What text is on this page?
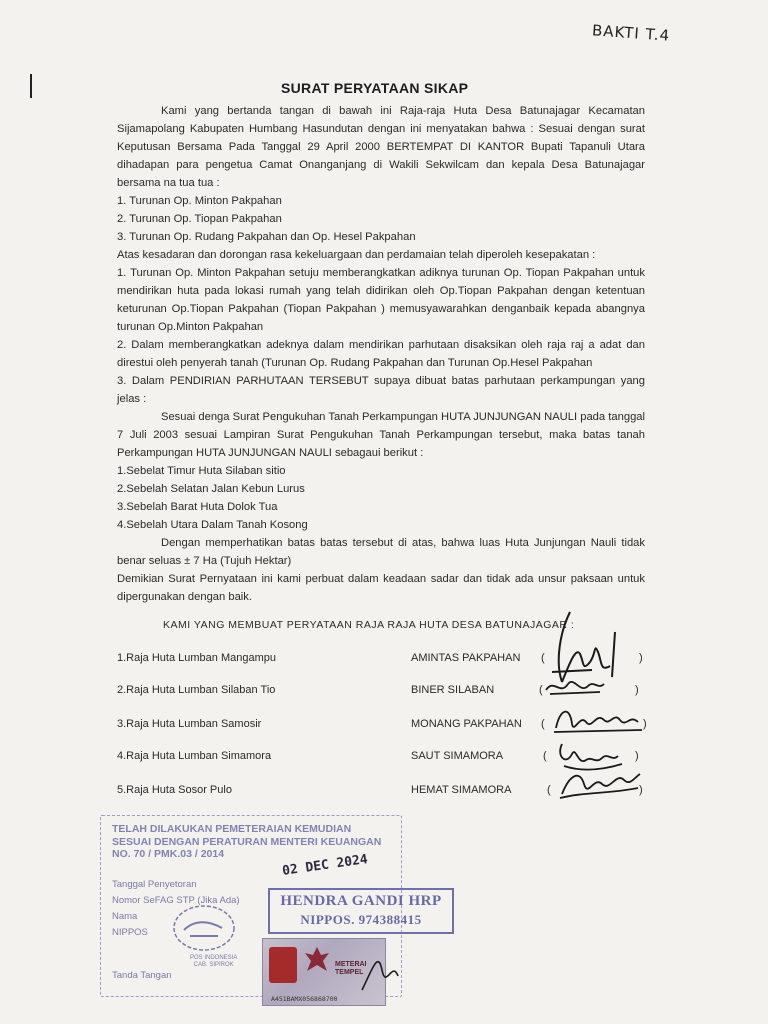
BAKTI T.4
SURAT PERYATAAN SIKAP

Kami yang bertanda tangan di bawah ini Raja-raja Huta Desa Batunajagar Kecamatan Sijamapolang Kabupaten Humbang Hasundutan dengan ini menyatakan bahwa : Sesuai dengan surat Keputusan Bersama Pada Tanggal 29 April 2000 BERTEMPAT DI KANTOR Bupati Tapanuli Utara dihadapan para pengetua Camat Onanganjang di Wakili Sekwilcam dan kepala Desa Batunajagar bersama na tua tua :

1. Turunan Op. Minton Pakpahan

2. Turunan Op. Tiopan Pakpahan

3. Turunan Op. Rudang Pakpahan dan Op. Hesel Pakpahan

Atas kesadaran dan dorongan rasa kekeluargaan dan perdamaian telah diperoleh kesepakatan :

1. Turunan Op. Minton Pakpahan setuju memberangkatkan adiknya turunan Op. Tiopan Pakpahan untuk mendirikan huta pada lokasi rumah yang telah didirikan oleh Op.Tiopan Pakpahan dengan ketentuan keturunan Op.Tiopan Pakpahan (Tiopan Pakpahan ) memusyawarahkan denganbaik kepada abangnya turunan Op.Minton Pakpahan

2. Dalam memberangkatkan adeknya dalam mendirikan parhutaan disaksikan oleh raja raj a adat dan direstui oleh penyerah tanah (Turunan Op. Rudang Pakpahan dan Turunan Op.Hesel Pakpahan

3. Dalam PENDIRIAN PARHUTAAN TERSEBUT supaya dibuat batas parhutaan perkampungan yang jelas :

Sesuai denga Surat Pengukuhan Tanah Perkampungan HUTA JUNJUNGAN NAULI pada tanggal 7 Juli 2003 sesuai Lampiran Surat Pengukuhan Tanah Perkampungan tersebut, maka batas tanah Perkampungan HUTA JUNJUNGAN NAULI sebagaui berikut :

1.Sebelat Timur Huta Silaban sitio

2.Sebelah Selatan Jalan Kebun Lurus

3.Sebelah Barat Huta Dolok Tua

4.Sebelah Utara Dalam Tanah Kosong

Dengan memperhatikan batas batas tersebut di atas, bahwa luas Huta Junjungan Nauli tidak benar seluas ± 7 Ha (Tujuh Hektar)

Demikian Surat Pernyataan ini kami perbuat dalam keadaan sadar dan tidak ada unsur paksaan untuk dipergunakan dengan baik.

KAMI YANG MEMBUAT PERYATAAN RAJA RAJA HUTA DESA BATUNAJAGAR :
1.Raja Huta Lumban Mangampu	AMINTAS PAKPAHAN (	)
2.Raja Huta Lumban Silaban Tio	BINER SILABAN	(	)
3.Raja Huta Lumban Samosir	MONANG PAKPAHAN (	)
4.Raja Huta Lumban Simamora	SAUT SIMAMORA	(	)
5.Raja Huta Sosor Pulo	HEMAT SIMAMORA	(	)
TELAH DILAKUKAN PEMETERAIAN KEMUDIAN
SESUAI DENGAN PERATURAN MENTERI KEUANGAN
NO. 70 / PMK.03 / 2014	02 DEC 2024
Tanggal Penyetoran
Nomor SeFAG STP (Jika Ada)
Nama
NIPPOS
POS INDONESIA
CAB. SIPIROK
Tanda Tangan
HENDRA GANDI HRP
NIPPOS. 974388415
METERAI
TEMPEL
A451BAMX056868700
